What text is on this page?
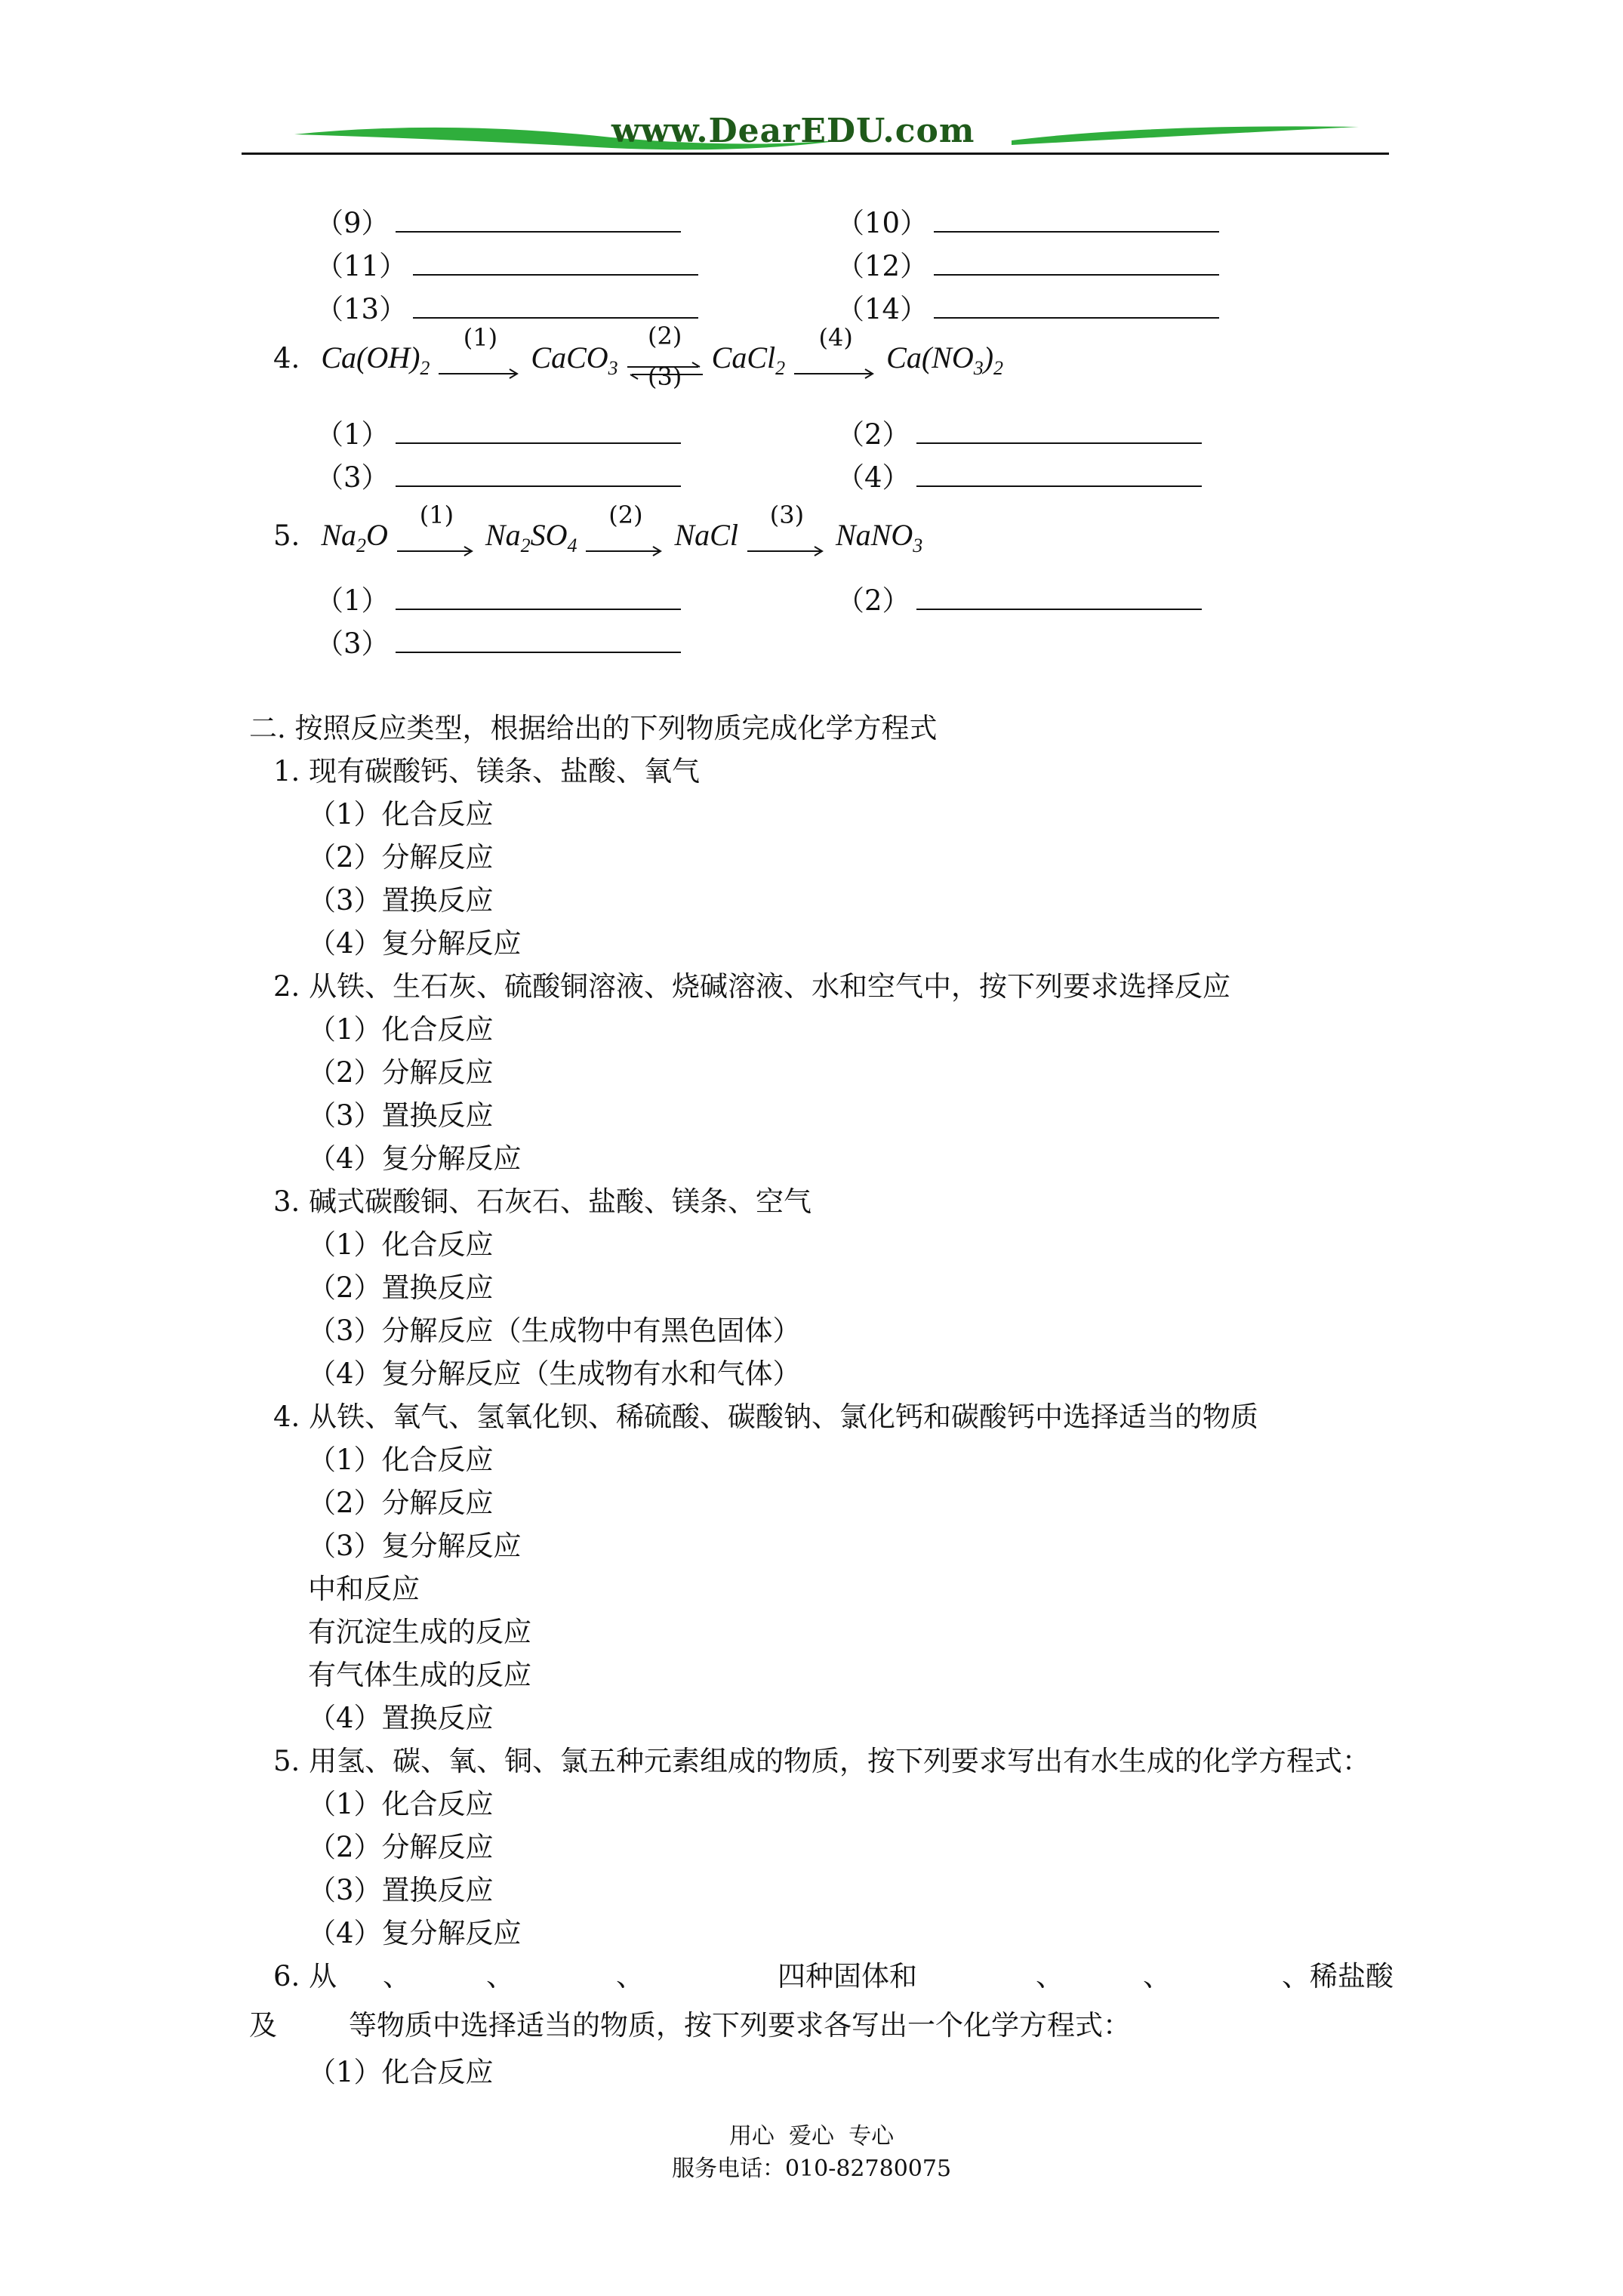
www.DearEDU.com
（9）	（10）
（11）	（12）
（13）	（14）
4. $Ca(OH)_2$
(1)
CaCO$_3$
(2)
(3)
CaCl$_2$
(4)
$Ca(NO_3)_2$
（1）	（2）
（3）	（4）
5. $Na_2O$
(1)
$Na_2SO_4$
(2)
NaCl
(3)
NaNO$_3$
（1）	（2）
（3）
二. 按照反应类型，根据给出的下列物质完成化学方程式
1. 现有碳酸钙、镁条、盐酸、氧气
（1）化合反应
（2）分解反应
（3）置换反应
（4）复分解反应
2. 从铁、生石灰、硫酸铜溶液、烧碱溶液、水和空气中，按下列要求选择反应
（1）化合反应
（2）分解反应
（3）置换反应
（4）复分解反应
3. 碱式碳酸铜、石灰石、盐酸、镁条、空气
（1）化合反应
（2）置换反应
（3）分解反应（生成物中有黑色固体）
（4）复分解反应（生成物有水和气体）
4. 从铁、氧气、氢氧化钡、稀硫酸、碳酸钠、氯化钙和碳酸钙中选择适当的物质
（1）化合反应
（2）分解反应
（3）复分解反应
中和反应
有沉淀生成的反应
有气体生成的反应
（4）置换反应
5. 用氢、碳、氧、铜、氯五种元素组成的物质，按下列要求写出有水生成的化学方程式：
（1）化合反应
（2）分解反应
（3）置换反应
（4）复分解反应
6. 从 、	、	、	四种固体和	、	、	、稀盐酸
及	等物质中选择适当的物质，按下列要求各写出一个化学方程式：
（1）化合反应
用心  爱心  专心
服务电话：010-82780075
